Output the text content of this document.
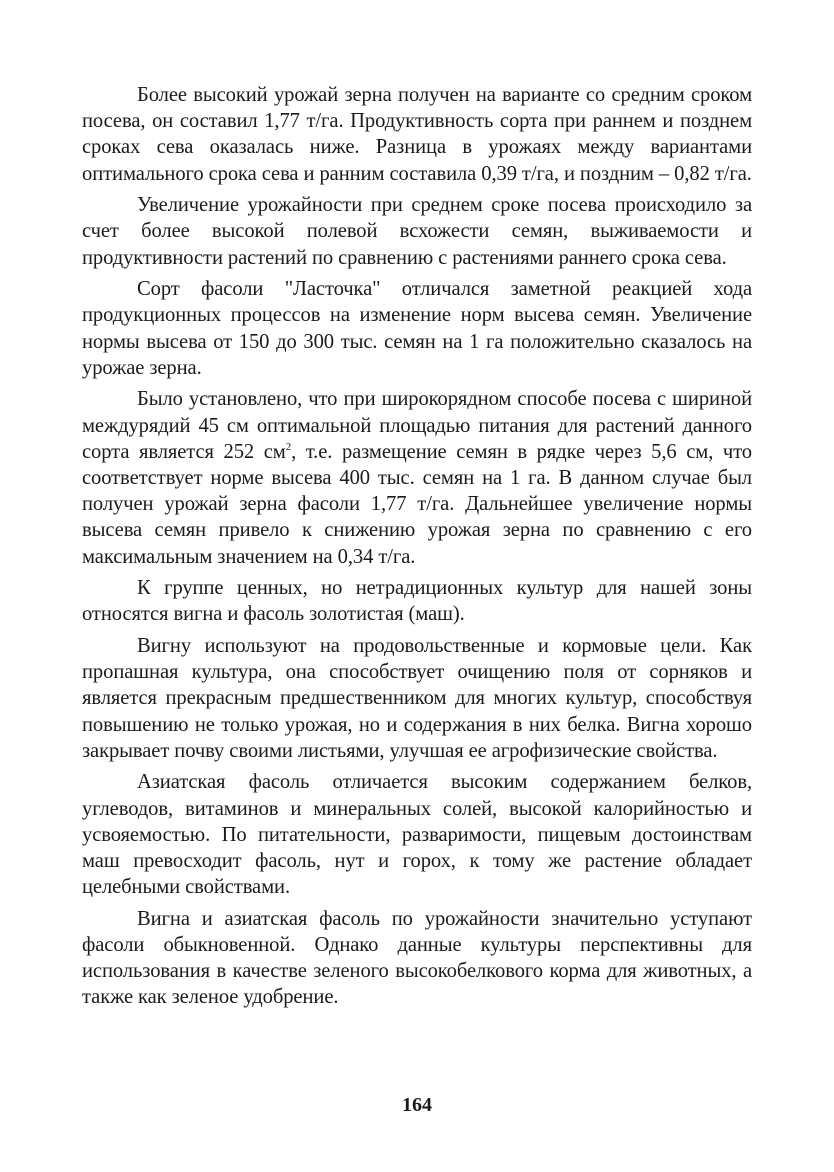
Более высокий урожай зерна получен на варианте со средним сроком посева, он составил 1,77 т/га. Продуктивность сорта при раннем и позднем сроках сева оказалась ниже. Разница в урожаях между вариантами оптимального срока сева и ранним составила 0,39 т/га, и поздним – 0,82 т/га.

Увеличение урожайности при среднем сроке посева происходило за счет более высокой полевой всхожести семян, выживаемости и продуктивности растений по сравнению с растениями раннего срока сева.

Сорт фасоли "Ласточка" отличался заметной реакцией хода продукционных процессов на изменение норм высева семян. Увеличение нормы высева от 150 до 300 тыс. семян на 1 га положительно сказалось на урожае зерна.

Было установлено, что при широкорядном способе посева с шириной междурядий 45 см оптимальной площадью питания для растений данного сорта является 252 $см^2$, т.е. размещение семян в рядке через 5,6 см, что соответствует норме высева 400 тыс. семян на 1 га. В данном случае был получен урожай зерна фасоли 1,77 т/га. Дальнейшее увеличение нормы высева семян привело к снижению урожая зерна по сравнению с его максимальным значением на 0,34 т/га.

К группе ценных, но нетрадиционных культур для нашей зоны относятся вигна и фасоль золотистая (маш).

Вигну используют на продовольственные и кормовые цели. Как пропашная культура, она способствует очищению поля от сорняков и является прекрасным предшественником для многих культур, способствуя повышению не только урожая, но и содержания в них белка. Вигна хорошо закрывает почву своими листьями, улучшая ее агрофизические свойства.

Азиатская фасоль отличается высоким содержанием белков, углеводов, витаминов и минеральных солей, высокой калорийностью и усвояемостью. По питательности, разваримости, пищевым достоинствам маш превосходит фасоль, нут и горох, к тому же растение обладает целебными свойствами.

Вигна и азиатская фасоль по урожайности значительно уступают фасоли обыкновенной. Однако данные культуры перспективны для использования в качестве зеленого высокобелкового корма для животных, а также как зеленое удобрение.

164
